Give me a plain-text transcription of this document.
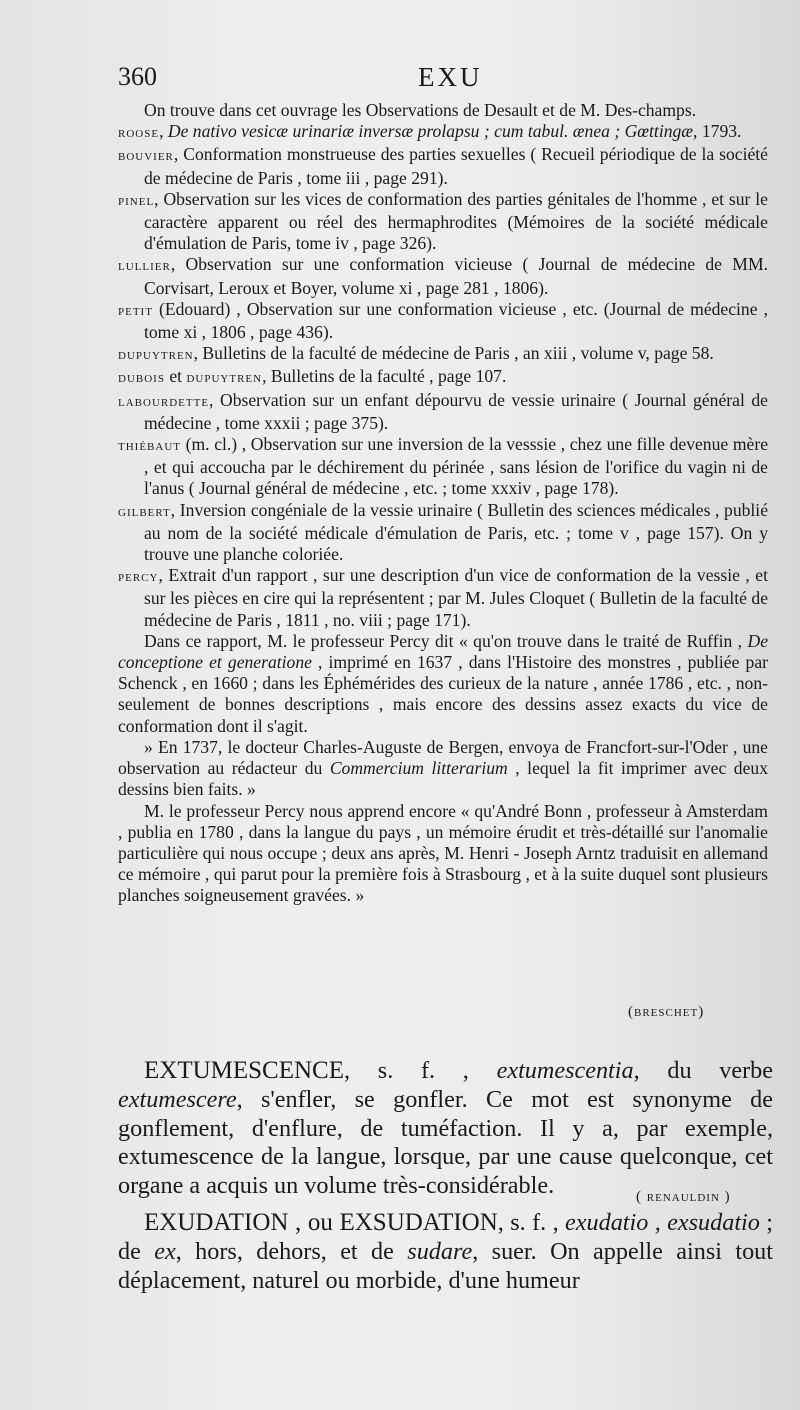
360	EXU

On trouve dans cet ouvrage les Observations de Desault et de M. Des-champs.

roose, De nativo vesicæ urinariæ inversæ prolapsu ; cum tabul. ænea ; Gœttingæ, 1793.

bouvier, Conformation monstrueuse des parties sexuelles ( Recueil périodique de la société de médecine de Paris , tome iii , page 291).

pinel, Observation sur les vices de conformation des parties génitales de l'homme , et sur le caractère apparent ou réel des hermaphrodites (Mémoires de la société médicale d'émulation de Paris, tome iv , page 326).

lullier, Observation sur une conformation vicieuse ( Journal de médecine de MM. Corvisart, Leroux et Boyer, volume xi , page 281 , 1806).

petit (Edouard) , Observation sur une conformation vicieuse , etc. (Journal de médecine , tome xi , 1806 , page 436).

dupuytren, Bulletins de la faculté de médecine de Paris , an xiii , volume v, page 58.

dubois et dupuytren, Bulletins de la faculté , page 107.

labourdette, Observation sur un enfant dépourvu de vessie urinaire ( Journal général de médecine , tome xxxii ; page 375).

thiébaut (m. cl.) , Observation sur une inversion de la vesssie , chez une fille devenue mère , et qui accoucha par le déchirement du périnée , sans lésion de l'orifice du vagin ni de l'anus ( Journal général de médecine , etc. ; tome xxxiv , page 178).

gilbert, Inversion congéniale de la vessie urinaire ( Bulletin des sciences médicales , publié au nom de la société médicale d'émulation de Paris, etc. ; tome v , page 157). On y trouve une planche coloriée.

percy, Extrait d'un rapport , sur une description d'un vice de conformation de la vessie , et sur les pièces en cire qui la représentent ; par M. Jules Cloquet ( Bulletin de la faculté de médecine de Paris , 1811 , no. viii ; page 171).

Dans ce rapport, M. le professeur Percy dit « qu'on trouve dans le traité de Ruffin , De conceptione et generatione , imprimé en 1637 , dans l'Histoire des monstres , publiée par Schenck , en 1660 ; dans les Éphémérides des curieux de la nature , année 1786 , etc. , non-seulement de bonnes descriptions , mais encore des dessins assez exacts du vice de conformation dont il s'agit.

» En 1737, le docteur Charles-Auguste de Bergen, envoya de Francfort-sur-l'Oder , une observation au rédacteur du Commercium litterarium , lequel la fit imprimer avec deux dessins bien faits. »

M. le professeur Percy nous apprend encore « qu'André Bonn , professeur à Amsterdam , publia en 1780 , dans la langue du pays , un mémoire érudit et très-détaillé sur l'anomalie particulière qui nous occupe ; deux ans après, M. Henri - Joseph Arntz traduisit en allemand ce mémoire , qui parut pour la première fois à Strasbourg , et à la suite duquel sont plusieurs planches soigneusement gravées. »

(breschet)

EXTUMESCENCE, s. f. , extumescentia, du verbe extumescere, s'enfler, se gonfler. Ce mot est synonyme de gonflement, d'enflure, de tuméfaction. Il y a, par exemple, extumescence de la langue, lorsque, par une cause quelconque, cet organe a acquis un volume très-considérable.	( renauldin )

EXUDATION , ou EXSUDATION, s. f. , exudatio , exsudatio ; de ex, hors, dehors, et de sudare, suer. On appelle ainsi tout déplacement, naturel ou morbide, d'une humeur
